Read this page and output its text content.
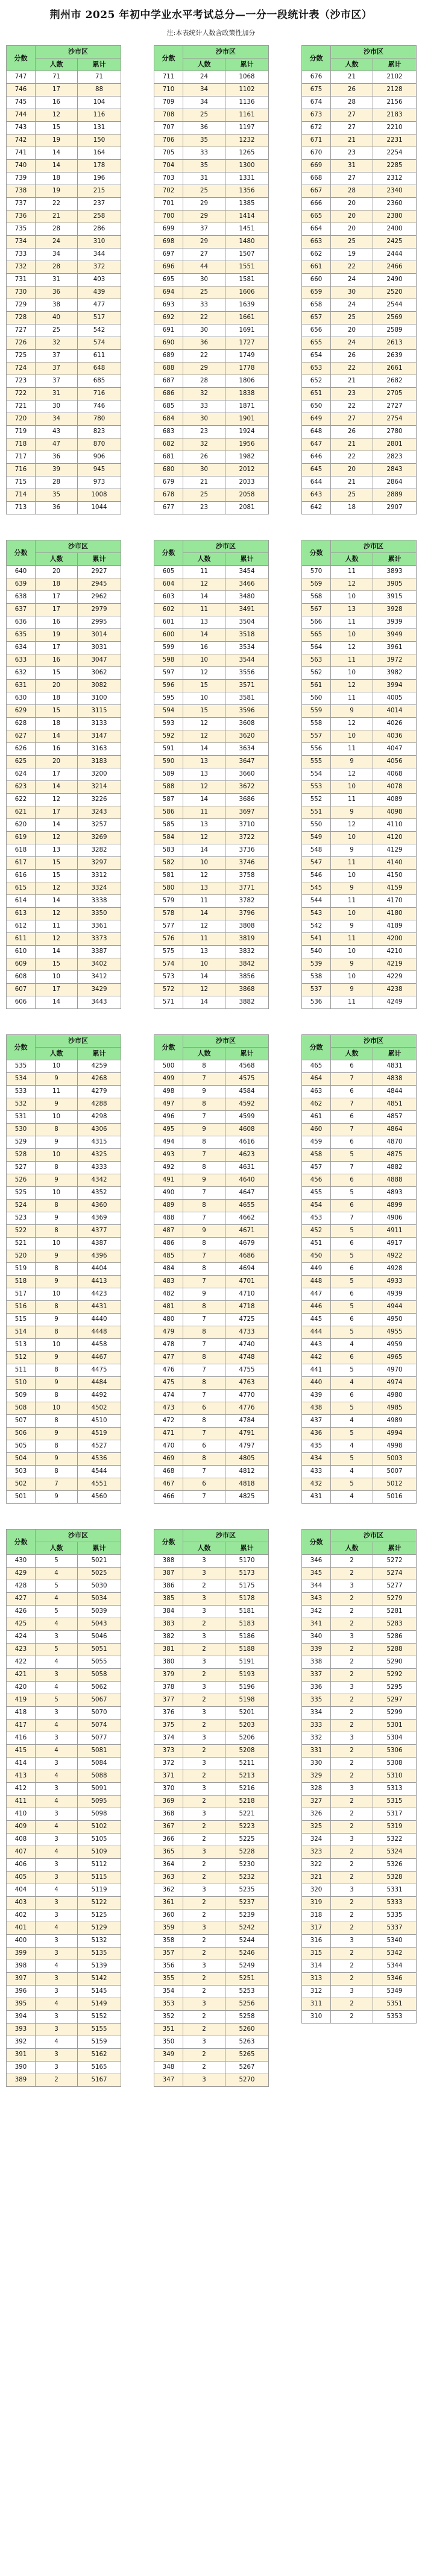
荆州市 2025 年初中学业水平考试总分—一分一段统计表（沙市区）
注:本表统计人数含政策性加分
分数	沙市区	
	人数	累计
747	71	71
746	17	88
745	16	104
744	12	116
743	15	131
742	19	150
741	14	164
740	14	178
739	18	196
738	19	215
737	22	237
736	21	258
735	28	286
734	24	310
733	34	344
732	28	372
731	31	403
730	36	439
729	38	477
728	40	517
727	25	542
726	32	574
725	37	611
724	37	648
723	37	685
722	31	716
721	30	746
720	34	780
719	43	823
718	47	870
717	36	906
716	39	945
715	28	973
714	35	1008
713	36	1044
分数	沙市区	
	人数	累计
711	24	1068
710	34	1102
709	34	1136
708	25	1161
707	36	1197
706	35	1232
705	33	1265
704	35	1300
703	31	1331
702	25	1356
701	29	1385
700	29	1414
699	37	1451
698	29	1480
697	27	1507
696	44	1551
695	30	1581
694	25	1606
693	33	1639
692	22	1661
691	30	1691
690	36	1727
689	22	1749
688	29	1778
687	28	1806
686	32	1838
685	33	1871
684	30	1901
683	23	1924
682	32	1956
681	26	1982
680	30	2012
679	21	2033
678	25	2058
677	23	2081
分数	沙市区	
	人数	累计
676	21	2102
675	26	2128
674	28	2156
673	27	2183
672	27	2210
671	21	2231
670	23	2254
669	31	2285
668	27	2312
667	28	2340
666	20	2360
665	20	2380
664	20	2400
663	25	2425
662	19	2444
661	22	2466
660	24	2490
659	30	2520
658	24	2544
657	25	2569
656	20	2589
655	24	2613
654	26	2639
653	22	2661
652	21	2682
651	23	2705
650	22	2727
649	27	2754
648	26	2780
647	21	2801
646	22	2823
645	20	2843
644	21	2864
643	25	2889
642	18	2907
分数	沙市区	
	人数	累计
640	20	2927
639	18	2945
638	17	2962
637	17	2979
636	16	2995
635	19	3014
634	17	3031
633	16	3047
632	15	3062
631	20	3082
630	18	3100
629	15	3115
628	18	3133
627	14	3147
626	16	3163
625	20	3183
624	17	3200
623	14	3214
622	12	3226
621	17	3243
620	14	3257
619	12	3269
618	13	3282
617	15	3297
616	15	3312
615	12	3324
614	14	3338
613	12	3350
612	11	3361
611	12	3373
610	14	3387
609	15	3402
608	10	3412
607	17	3429
606	14	3443
分数	沙市区	
	人数	累计
605	11	3454
604	12	3466
603	14	3480
602	11	3491
601	13	3504
600	14	3518
599	16	3534
598	10	3544
597	12	3556
596	15	3571
595	10	3581
594	15	3596
593	12	3608
592	12	3620
591	14	3634
590	13	3647
589	13	3660
588	12	3672
587	14	3686
586	11	3697
585	13	3710
584	12	3722
583	14	3736
582	10	3746
581	12	3758
580	13	3771
579	11	3782
578	14	3796
577	12	3808
576	11	3819
575	13	3832
574	10	3842
573	14	3856
572	12	3868
571	14	3882
分数	沙市区	
	人数	累计
570	11	3893
569	12	3905
568	10	3915
567	13	3928
566	11	3939
565	10	3949
564	12	3961
563	11	3972
562	10	3982
561	12	3994
560	11	4005
559	9	4014
558	12	4026
557	10	4036
556	11	4047
555	9	4056
554	12	4068
553	10	4078
552	11	4089
551	9	4098
550	12	4110
549	10	4120
548	9	4129
547	11	4140
546	10	4150
545	9	4159
544	11	4170
543	10	4180
542	9	4189
541	11	4200
540	10	4210
539	9	4219
538	10	4229
537	9	4238
536	11	4249
分数	沙市区	
	人数	累计
535	10	4259
534	9	4268
533	11	4279
532	9	4288
531	10	4298
530	8	4306
529	9	4315
528	10	4325
527	8	4333
526	9	4342
525	10	4352
524	8	4360
523	9	4369
522	8	4377
521	10	4387
520	9	4396
519	8	4404
518	9	4413
517	10	4423
516	8	4431
515	9	4440
514	8	4448
513	10	4458
512	9	4467
511	8	4475
510	9	4484
509	8	4492
508	10	4502
507	8	4510
506	9	4519
505	8	4527
504	9	4536
503	8	4544
502	7	4551
501	9	4560
分数	沙市区	
	人数	累计
500	8	4568
499	7	4575
498	9	4584
497	8	4592
496	7	4599
495	9	4608
494	8	4616
493	7	4623
492	8	4631
491	9	4640
490	7	4647
489	8	4655
488	7	4662
487	9	4671
486	8	4679
485	7	4686
484	8	4694
483	7	4701
482	9	4710
481	8	4718
480	7	4725
479	8	4733
478	7	4740
477	8	4748
476	7	4755
475	8	4763
474	7	4770
473	6	4776
472	8	4784
471	7	4791
470	6	4797
469	8	4805
468	7	4812
467	6	4818
466	7	4825
分数	沙市区	
	人数	累计
465	6	4831
464	7	4838
463	6	4844
462	7	4851
461	6	4857
460	7	4864
459	6	4870
458	5	4875
457	7	4882
456	6	4888
455	5	4893
454	6	4899
453	7	4906
452	5	4911
451	6	4917
450	5	4922
449	6	4928
448	5	4933
447	6	4939
446	5	4944
445	6	4950
444	5	4955
443	4	4959
442	6	4965
441	5	4970
440	4	4974
439	6	4980
438	5	4985
437	4	4989
436	5	4994
435	4	4998
434	5	5003
433	4	5007
432	5	5012
431	4	5016
分数	沙市区	
	人数	累计
430	5	5021
429	4	5025
428	5	5030
427	4	5034
426	5	5039
425	4	5043
424	3	5046
423	5	5051
422	4	5055
421	3	5058
420	4	5062
419	5	5067
418	3	5070
417	4	5074
416	3	5077
415	4	5081
414	3	5084
413	4	5088
412	3	5091
411	4	5095
410	3	5098
409	4	5102
408	3	5105
407	4	5109
406	3	5112
405	3	5115
404	4	5119
403	3	5122
402	3	5125
401	4	5129
400	3	5132
399	3	5135
398	4	5139
397	3	5142
396	3	5145
395	4	5149
394	3	5152
393	3	5155
392	4	5159
391	3	5162
390	3	5165
389	2	5167
分数	沙市区	
	人数	累计
388	3	5170
387	3	5173
386	2	5175
385	3	5178
384	3	5181
383	2	5183
382	3	5186
381	2	5188
380	3	5191
379	2	5193
378	3	5196
377	2	5198
376	3	5201
375	2	5203
374	3	5206
373	2	5208
372	3	5211
371	2	5213
370	3	5216
369	2	5218
368	3	5221
367	2	5223
366	2	5225
365	3	5228
364	2	5230
363	2	5232
362	3	5235
361	2	5237
360	2	5239
359	3	5242
358	2	5244
357	2	5246
356	3	5249
355	2	5251
354	2	5253
353	3	5256
352	2	5258
351	2	5260
350	3	5263
349	2	5265
348	2	5267
347	3	5270
分数	沙市区	
	人数	累计
346	2	5272
345	2	5274
344	3	5277
343	2	5279
342	2	5281
341	2	5283
340	3	5286
339	2	5288
338	2	5290
337	2	5292
336	3	5295
335	2	5297
334	2	5299
333	2	5301
332	3	5304
331	2	5306
330	2	5308
329	2	5310
328	3	5313
327	2	5315
326	2	5317
325	2	5319
324	3	5322
323	2	5324
322	2	5326
321	2	5328
320	3	5331
319	2	5333
318	2	5335
317	2	5337
316	3	5340
315	2	5342
314	2	5344
313	2	5346
312	3	5349
311	2	5351
310	2	5353
